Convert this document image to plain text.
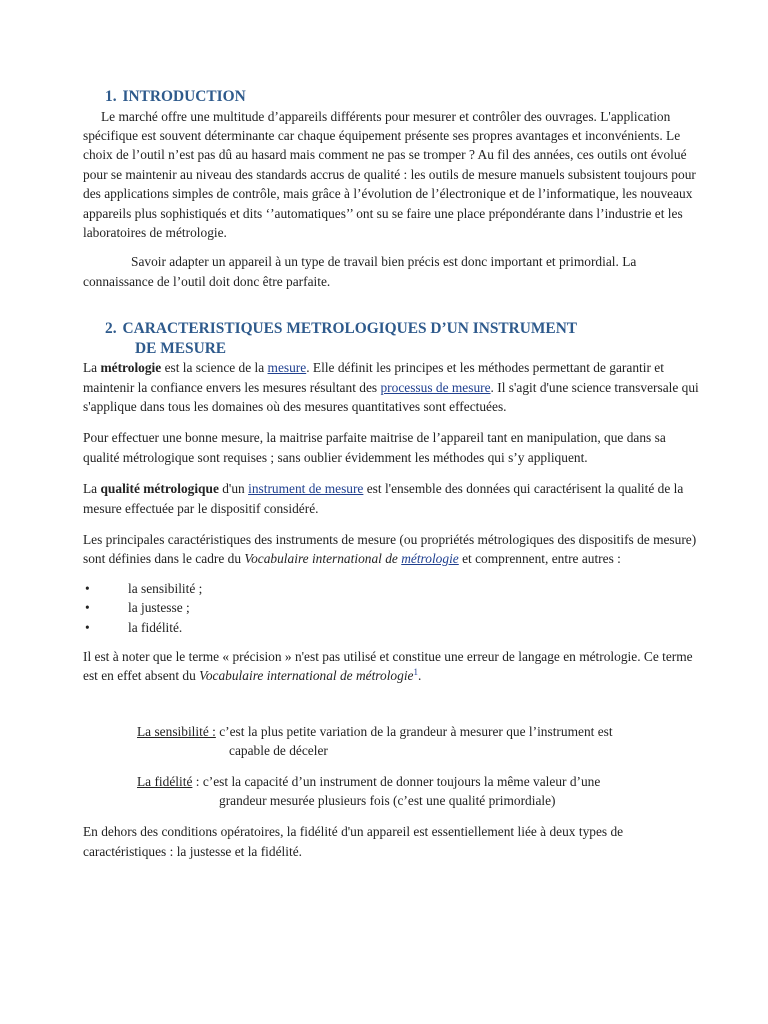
1. INTRODUCTION

Le marché offre une multitude d’appareils différents pour mesurer et contrôler des ouvrages. L'application spécifique est souvent déterminante car chaque équipement présente ses propres avantages et inconvénients. Le choix de l’outil n’est pas dû au hasard mais comment ne pas se tromper ? Au fil des années, ces outils ont évolué pour se maintenir au niveau des standards accrus de qualité : les outils de mesure manuels subsistent toujours pour des applications simples de contrôle, mais grâce à l’évolution de l’électronique et de l’informatique, les nouveaux appareils plus sophistiqués et dits ‘’automatiques’’ ont su se faire une place prépondérante dans l’industrie et les laboratoires de métrologie.

Savoir adapter un appareil à un type de travail bien précis est donc important et primordial. La connaissance de l’outil doit donc être parfaite.

2. CARACTERISTIQUES METROLOGIQUES D’UN INSTRUMENT
DE MESURE

La métrologie est la science de la mesure. Elle définit les principes et les méthodes permettant de garantir et maintenir la confiance envers les mesures résultant des processus de mesure. Il s'agit d'une science transversale qui s'applique dans tous les domaines où des mesures quantitatives sont effectuées.

Pour effectuer une bonne mesure, la maitrise parfaite maitrise de l’appareil tant en manipulation, que dans sa qualité métrologique sont requises ; sans oublier évidemment les méthodes qui s’y appliquent.

La qualité métrologique d'un instrument de mesure est l'ensemble des données qui caractérisent la qualité de la mesure effectuée par le dispositif considéré.

Les principales caractéristiques des instruments de mesure (ou propriétés métrologiques des dispositifs de mesure) sont définies dans le cadre du Vocabulaire international de métrologie et comprennent, entre autres :

•	la sensibilité ;
•	la justesse ;
•	la fidélité.

Il est à noter que le terme « précision » n'est pas utilisé et constitue une erreur de langage en métrologie. Ce terme est en effet absent du Vocabulaire international de métrologie$^1$.

La sensibilité : c’est la plus petite variation de la grandeur à mesurer que l’instrument est
capable de déceler
La fidélité : c’est la capacité d’un instrument de donner toujours la même valeur d’une
grandeur mesurée plusieurs fois (c’est une qualité primordiale)

En dehors des conditions opératoires, la fidélité d'un appareil est essentiellement liée à deux types de caractéristiques : la justesse et la fidélité.
